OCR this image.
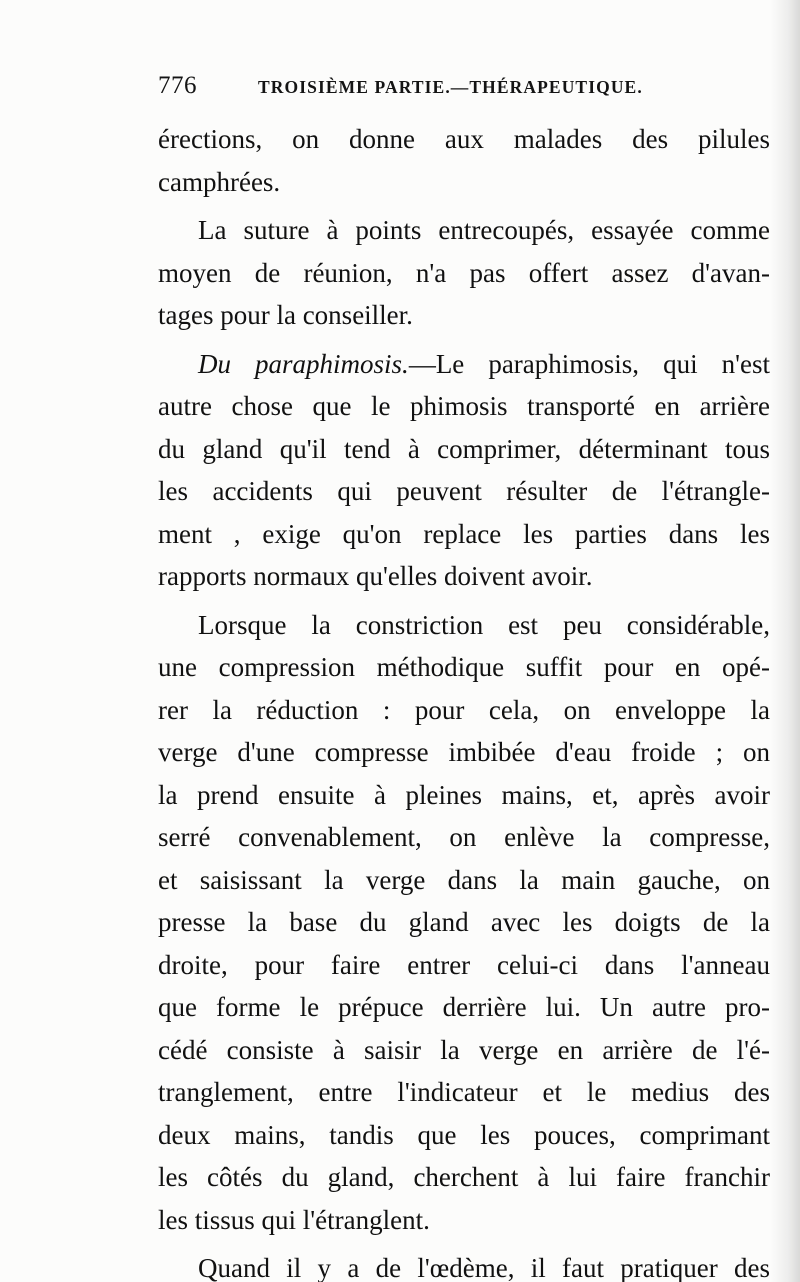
776	TROISIÈME PARTIE.—THÉRAPEUTIQUE.

érections, on donne aux malades des pilules
camphrées.

La suture à points entrecoupés, essayée comme
moyen de réunion, n'a pas offert assez d'avan-
tages pour la conseiller.

Du paraphimosis.—Le paraphimosis, qui n'est
autre chose que le phimosis transporté en arrière
du gland qu'il tend à comprimer, déterminant tous
les accidents qui peuvent résulter de l'étrangle-
ment , exige qu'on replace les parties dans les
rapports normaux qu'elles doivent avoir.

Lorsque la constriction est peu considérable,
une compression méthodique suffit pour en opé-
rer la réduction : pour cela, on enveloppe la
verge d'une compresse imbibée d'eau froide ; on
la prend ensuite à pleines mains, et, après avoir
serré convenablement, on enlève la compresse,
et saisissant la verge dans la main gauche, on
presse la base du gland avec les doigts de la
droite, pour faire entrer celui-ci dans l'anneau
que forme le prépuce derrière lui. Un autre pro-
cédé consiste à saisir la verge en arrière de l'é-
tranglement, entre l'indicateur et le medius des
deux mains, tandis que les pouces, comprimant
les côtés du gland, cherchent à lui faire franchir
les tissus qui l'étranglent.

Quand il y a de l'œdème, il faut pratiquer des
